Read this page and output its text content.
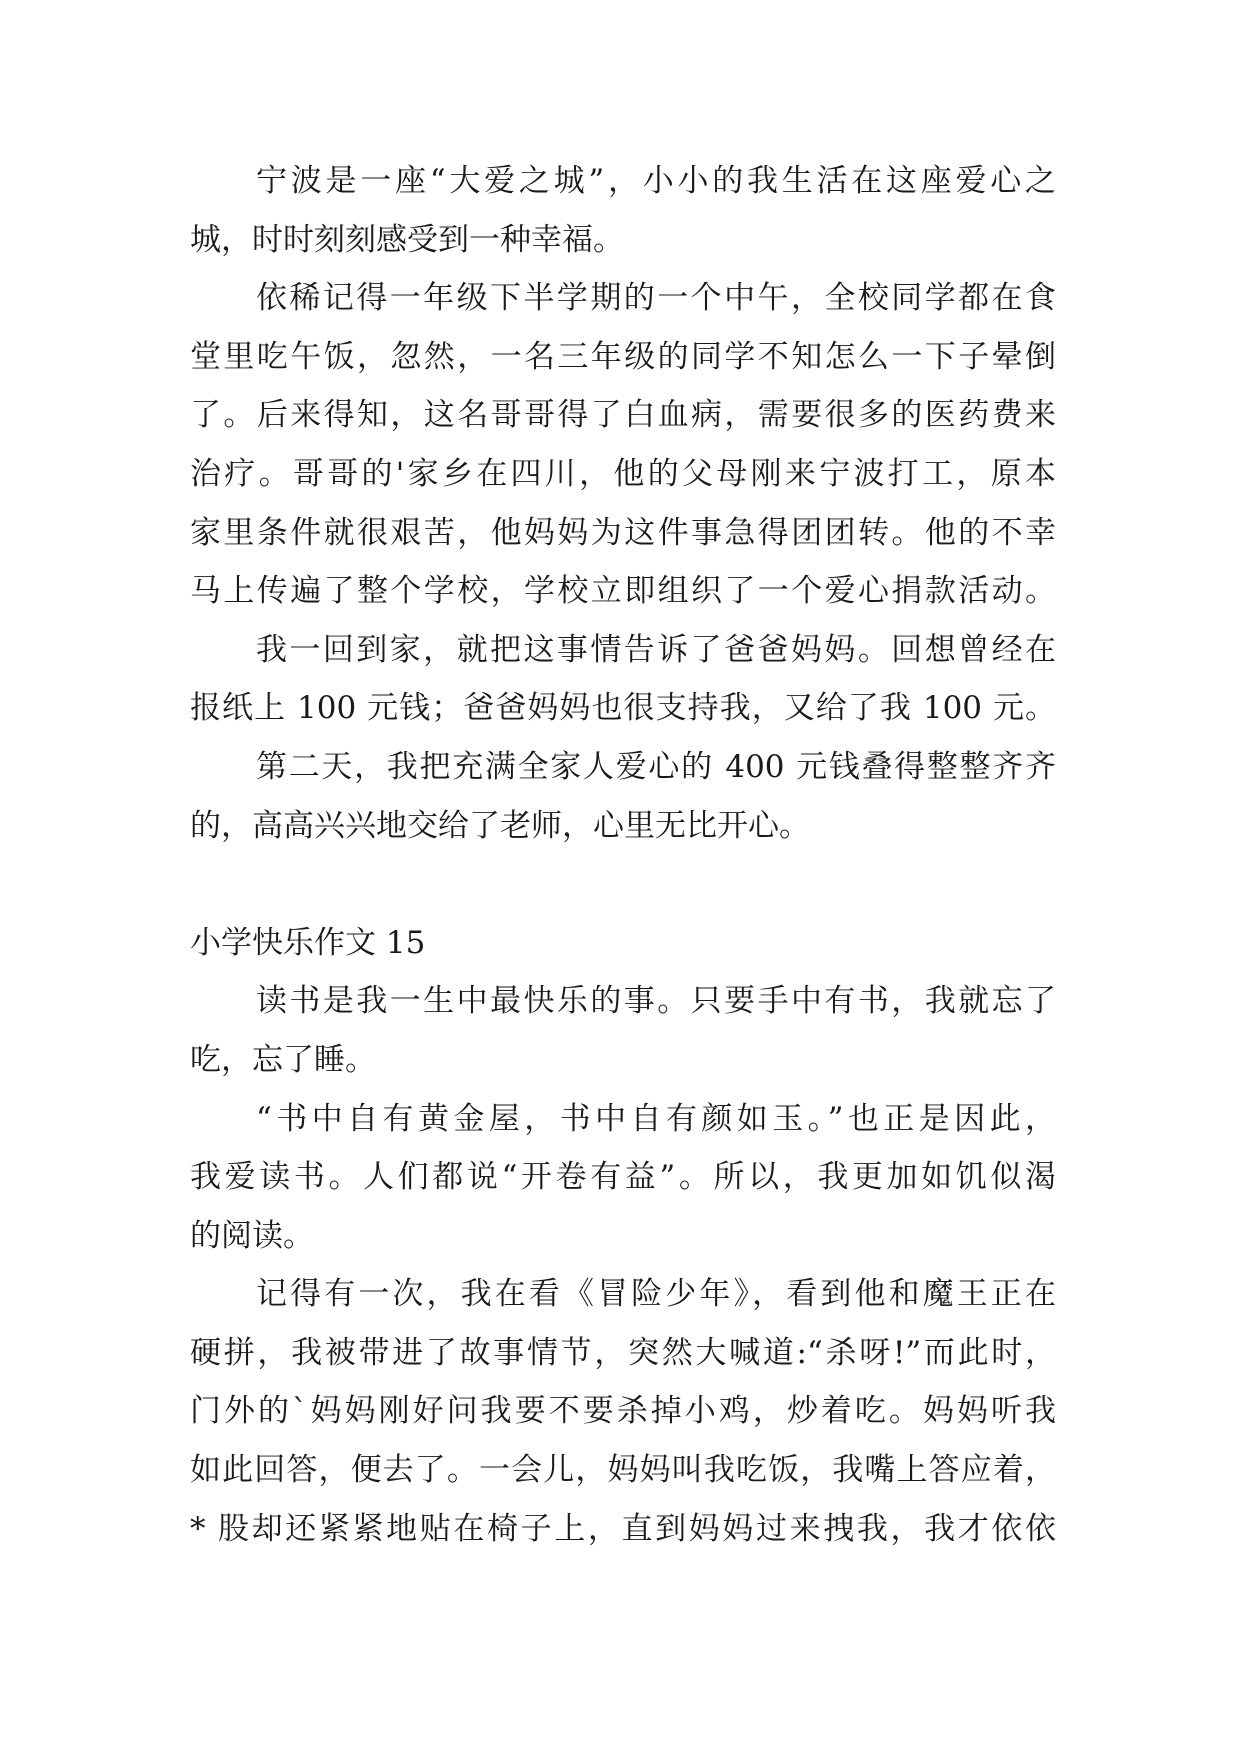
宁波是一座“大爱之城”，小小的我生活在这座爱心之
城，时时刻刻感受到一种幸福。
依稀记得一年级下半学期的一个中午，全校同学都在食
堂里吃午饭，忽然，一名三年级的同学不知怎么一下子晕倒
了。后来得知，这名哥哥得了白血病，需要很多的医药费来
治疗。哥哥的'家乡在四川，他的父母刚来宁波打工，原本
家里条件就很艰苦，他妈妈为这件事急得团团转。他的不幸
马上传遍了整个学校，学校立即组织了一个爱心捐款活动。
我一回到家，就把这事情告诉了爸爸妈妈。回想曾经在
报纸上 100 元钱；爸爸妈妈也很支持我，又给了我 100 元。
第二天，我把充满全家人爱心的 400 元钱叠得整整齐齐
的，高高兴兴地交给了老师，心里无比开心。
小学快乐作文 15
读书是我一生中最快乐的事。只要手中有书，我就忘了
吃，忘了睡。
“书中自有黄金屋，书中自有颜如玉。”也正是因此，
我爱读书。人们都说“开卷有益”。所以，我更加如饥似渴
的阅读。
记得有一次，我在看《冒险少年》，看到他和魔王正在
硬拼，我被带进了故事情节，突然大喊道:“杀呀!”而此时，
门外的`妈妈刚好问我要不要杀掉小鸡，炒着吃。妈妈听我
如此回答，便去了。一会儿，妈妈叫我吃饭，我嘴上答应着，
* 股却还紧紧地贴在椅子上，直到妈妈过来拽我，我才依依
